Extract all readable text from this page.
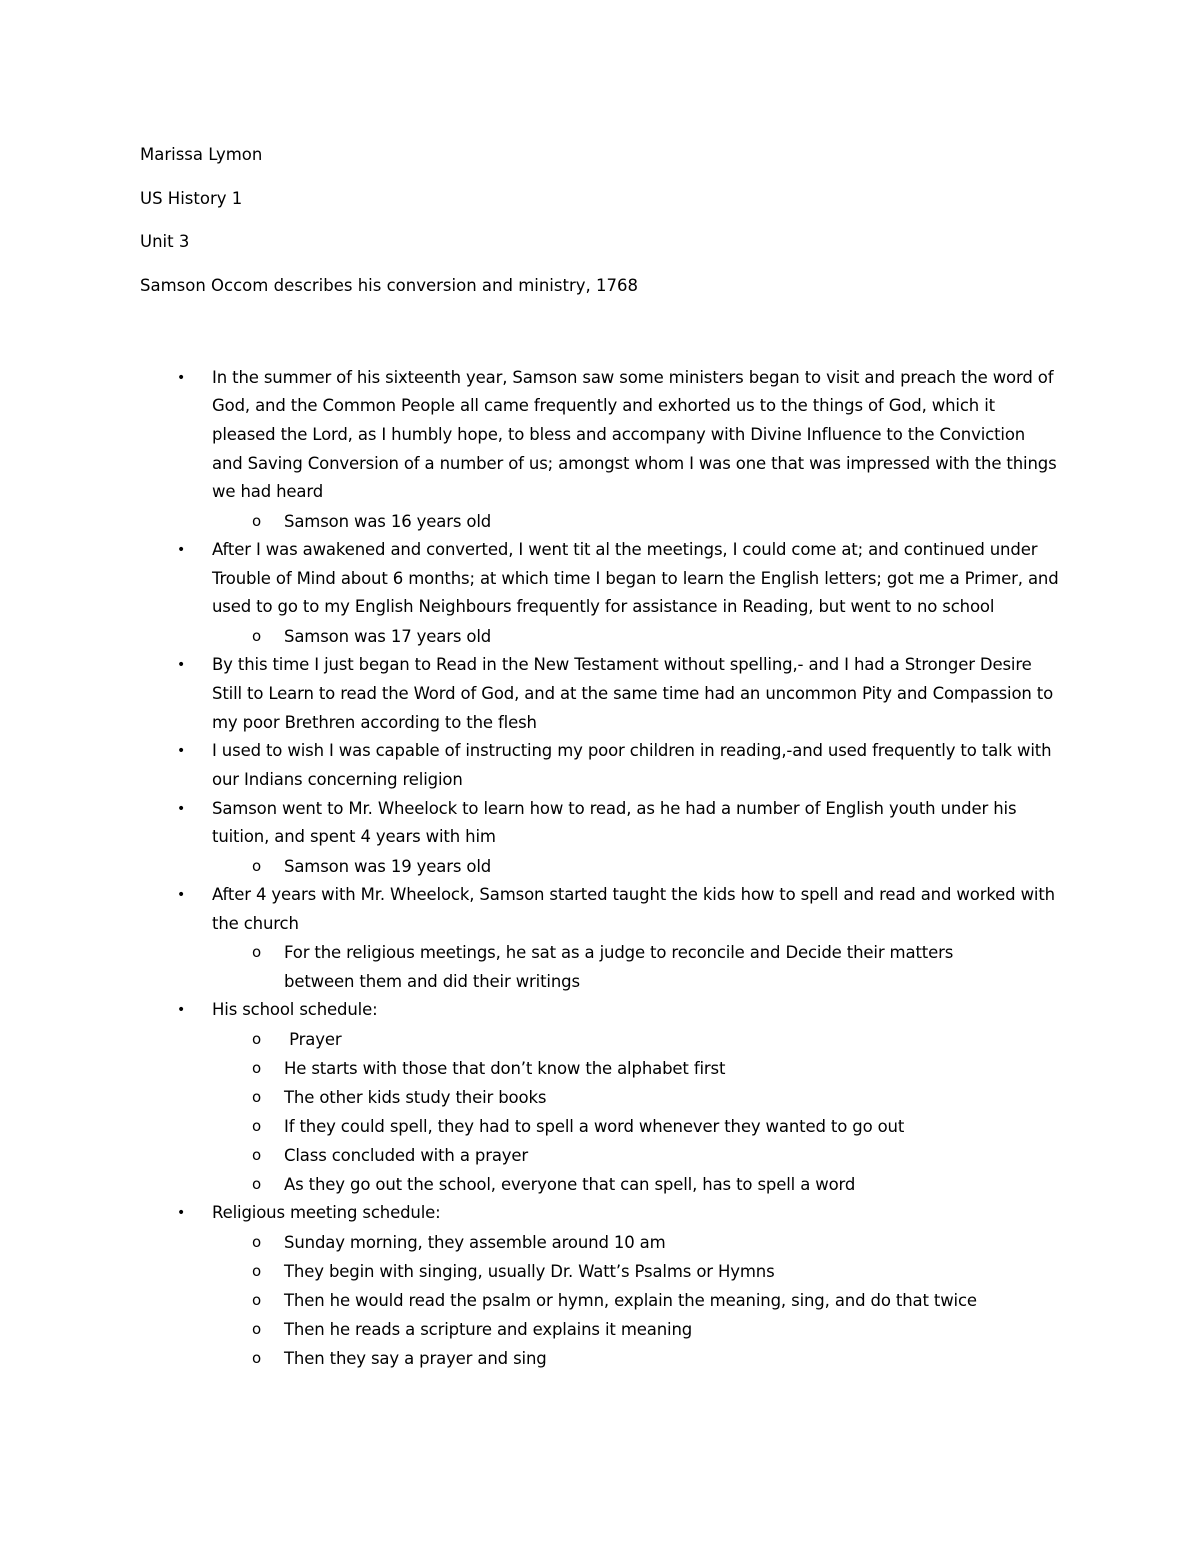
Marissa Lymon
US History 1
Unit 3
Samson Occom describes his conversion and ministry, 1768
• In the summer of his sixteenth year, Samson saw some ministers began to visit and preach the word of God, and the Common People all came frequently and exhorted us to the things of God, which it pleased the Lord, as I humbly hope, to bless and accompany with Divine Influence to the Conviction and Saving Conversion of a number of us; amongst whom I was one that was impressed with the things we had heard
o Samson was 16 years old
• After I was awakened and converted, I went tit al the meetings, I could come at; and continued under Trouble of Mind about 6 months; at which time I began to learn the English letters; got me a Primer, and used to go to my English Neighbours frequently for assistance in Reading, but went to no school
o Samson was 17 years old
• By this time I just began to Read in the New Testament without spelling,- and I had a Stronger Desire Still to Learn to read the Word of God, and at the same time had an uncommon Pity and Compassion to my poor Brethren according to the flesh
• I used to wish I was capable of instructing my poor children in reading,-and used frequently to talk with our Indians concerning religion
• Samson went to Mr. Wheelock to learn how to read, as he had a number of English youth under his tuition, and spent 4 years with him
o Samson was 19 years old
• After 4 years with Mr. Wheelock, Samson started taught the kids how to spell and read and worked with the church
o For the religious meetings, he sat as a judge to reconcile and Decide their matters between them and did their writings
• His school schedule:
o Prayer
o He starts with those that don’t know the alphabet first
o The other kids study their books
o If they could spell, they had to spell a word whenever they wanted to go out
o Class concluded with a prayer
o As they go out the school, everyone that can spell, has to spell a word
• Religious meeting schedule:
o Sunday morning, they assemble around 10 am
o They begin with singing, usually Dr. Watt’s Psalms or Hymns
o Then he would read the psalm or hymn, explain the meaning, sing, and do that twice
o Then he reads a scripture and explains it meaning
o Then they say a prayer and sing
